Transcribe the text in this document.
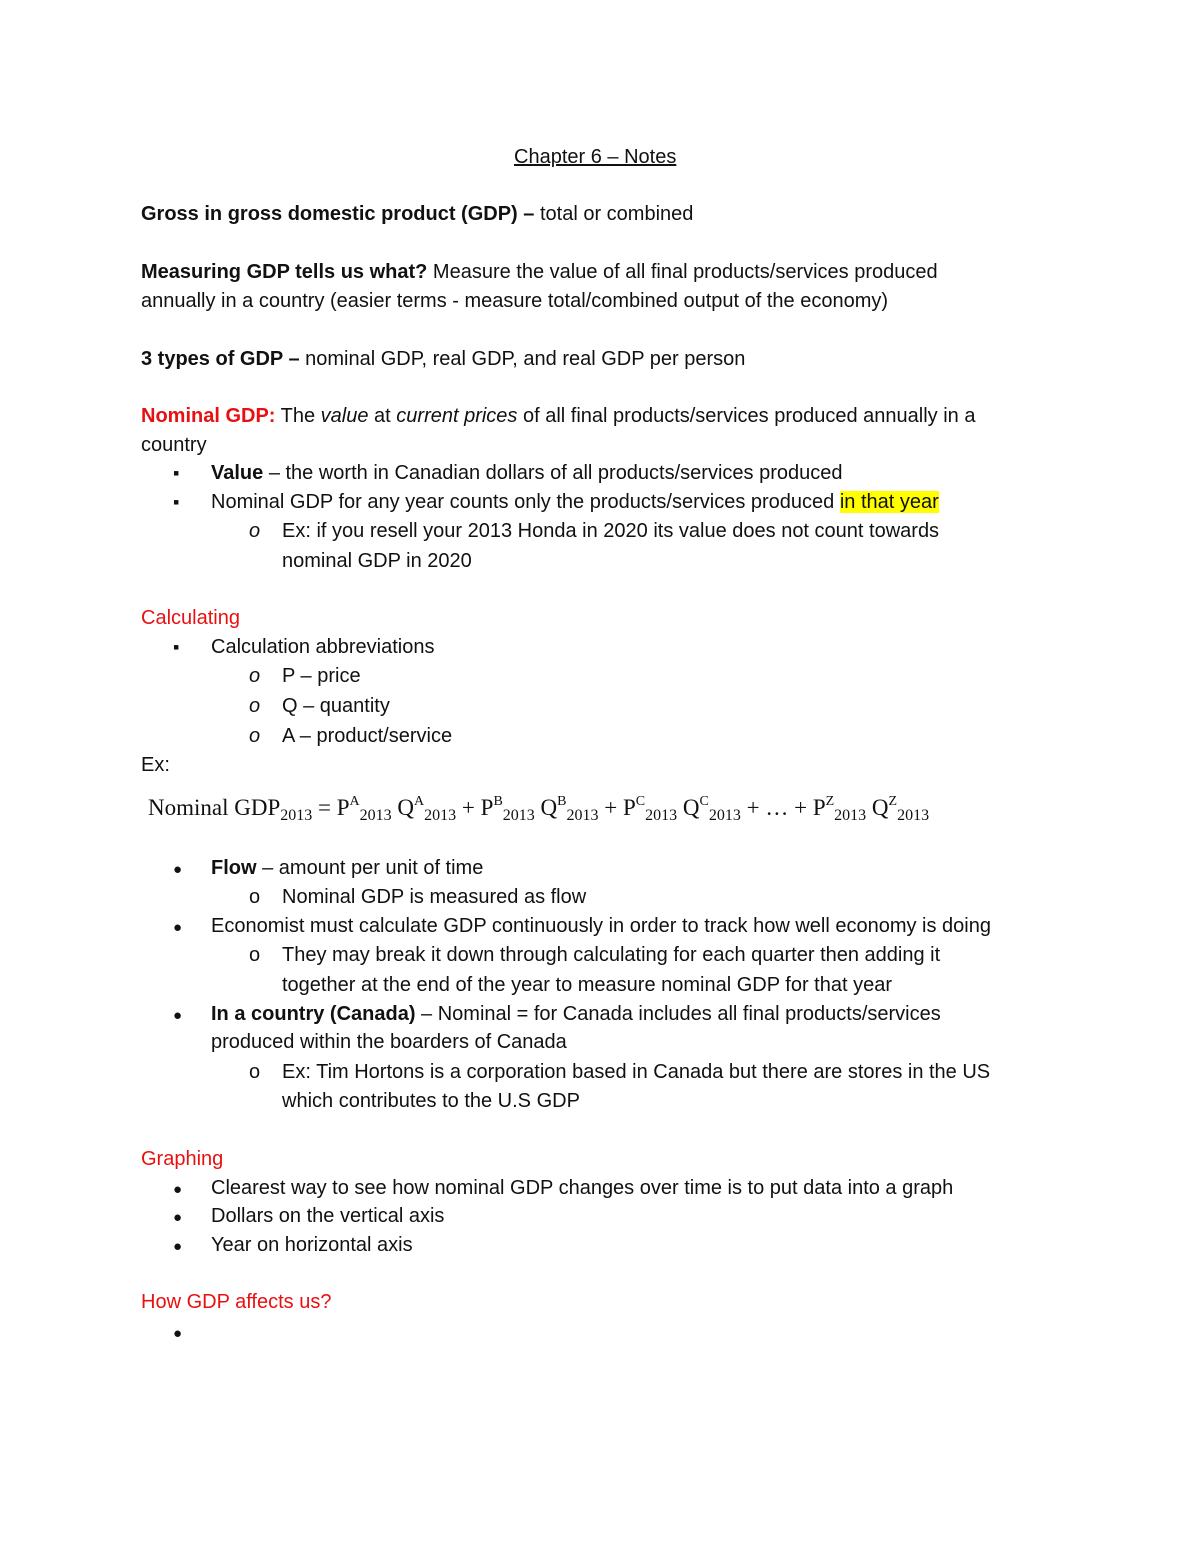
Chapter 6 – Notes
Gross in gross domestic product (GDP) – total or combined
Measuring GDP tells us what? Measure the value of all final products/services produced
annually in a country (easier terms - measure total/combined output of the economy)
3 types of GDP – nominal GDP, real GDP, and real GDP per person
Nominal GDP: The value at current prices of all final products/services produced annually in a
country
▪
Value – the worth in Canadian dollars of all products/services produced
▪
Nominal GDP for any year counts only the products/services produced in that year
o Ex: if you resell your 2013 Honda in 2020 its value does not count towards
nominal GDP in 2020
Calculating
▪
Calculation abbreviations
o P – price
o Q – quantity
o A – product/service
Ex:
Nominal $GDP_{2013} = P^A_{2013}$ $Q^A_{2013} + P^B_{2013}$ $Q^B_{2013} + P^C_{2013}$ $Q^C_{2013}$ + … + $P^Z_{2013}$ $Q^Z_{2013}$
●
Flow – amount per unit of time
o Nominal GDP is measured as flow
●
Economist must calculate GDP continuously in order to track how well economy is doing
o They may break it down through calculating for each quarter then adding it
together at the end of the year to measure nominal GDP for that year
●
In a country (Canada) – Nominal = for Canada includes all final products/services
produced within the boarders of Canada
o Ex: Tim Hortons is a corporation based in Canada but there are stores in the US
which contributes to the U.S GDP
Graphing
●
Clearest way to see how nominal GDP changes over time is to put data into a graph
●
Dollars on the vertical axis
●
Year on horizontal axis
How GDP affects us?
●
